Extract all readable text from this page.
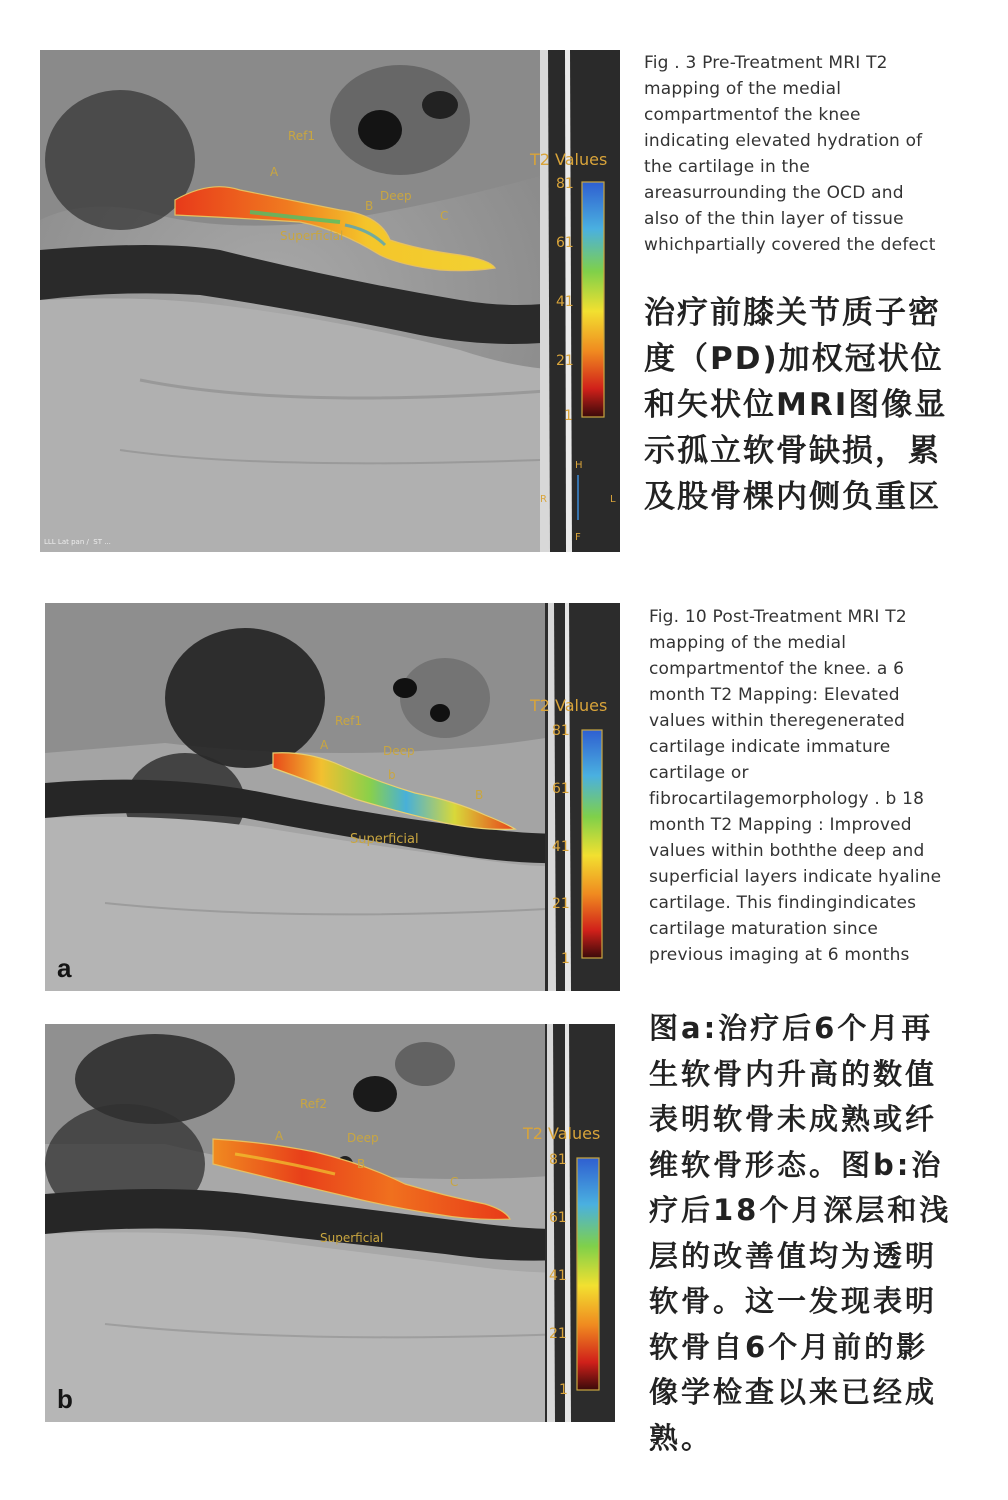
Ref1
A
B
C
Deep
Superficial
T2 Values
81
61
41
21
1
H
R	L
F
LLL Lat pan /  ST ...
Fig . 3 Pre-Treatment MRI T2
mapping of the medial
compartmentof the knee
indicating elevated hydration of
the cartilage in the
areasurrounding the OCD and
also of the thin layer of tissue
whichpartially covered the defect
治疗前膝关节质子密
度（PD)加权冠状位
和矢状位MRI图像显
示孤立软骨缺损，累
及股骨棵内侧负重区
Ref1
A	Deep
b
B
Superficial
T2 Values
81
61
41
21
1
a
Fig. 10 Post-Treatment MRI T2
mapping of the medial
compartmentof the knee. a 6
month T2 Mapping: Elevated
values within theregenerated
cartilage indicate immature
cartilage or
fibrocartilagemorphology . b 18
month T2 Mapping : Improved
values within boththe deep and
superficial layers indicate hyaline
cartilage. This findingindicates
cartilage maturation since
previous imaging at 6 months
Ref2
A	Deep
B
C
Superficial
T2 Values
81
61
41
21
1
b
图a:治疗后6个月再
生软骨内升高的数值
表明软骨未成熟或纤
维软骨形态。图b:治
疗后18个月深层和浅
层的改善值均为透明
软骨。这一发现表明
软骨自6个月前的影
像学检查以来已经成
熟。
